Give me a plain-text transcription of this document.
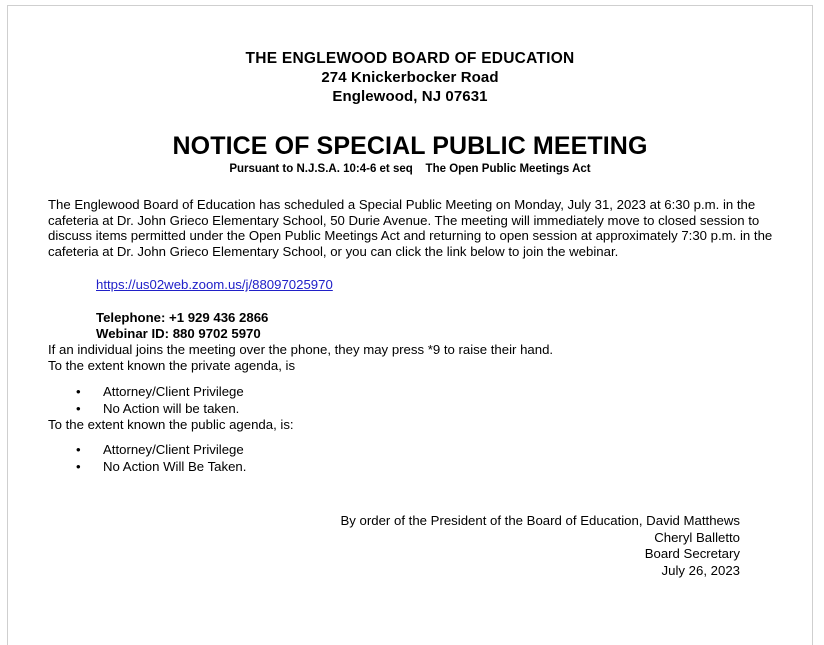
THE ENGLEWOOD BOARD OF EDUCATION
274 Knickerbocker Road
Englewood, NJ 07631
NOTICE OF SPECIAL PUBLIC MEETING
Pursuant to N.J.S.A. 10:4-6 et seq    The Open Public Meetings Act

The Englewood Board of Education has scheduled a Special Public Meeting on Monday, July 31, 2023 at 6:30 p.m. in the cafeteria at Dr. John Grieco Elementary School, 50 Durie Avenue. The meeting will immediately move to closed session to discuss items permitted under the Open Public Meetings Act and returning to open session at approximately 7:30 p.m. in the cafeteria at Dr. John Grieco Elementary School, or you can click the link below to join the webinar.

https://us02web.zoom.us/j/88097025970
Telephone: +1 929 436 2866
Webinar ID: 880 9702 5970

If an individual joins the meeting over the phone, they may press *9 to raise their hand.

To the extent known the private agenda, is

• Attorney/Client Privilege
• No Action will be taken.

To the extent known the public agenda, is:

• Attorney/Client Privilege
• No Action Will Be Taken.
By order of the President of the Board of Education, David Matthews
Cheryl Balletto
Board Secretary
July 26, 2023
